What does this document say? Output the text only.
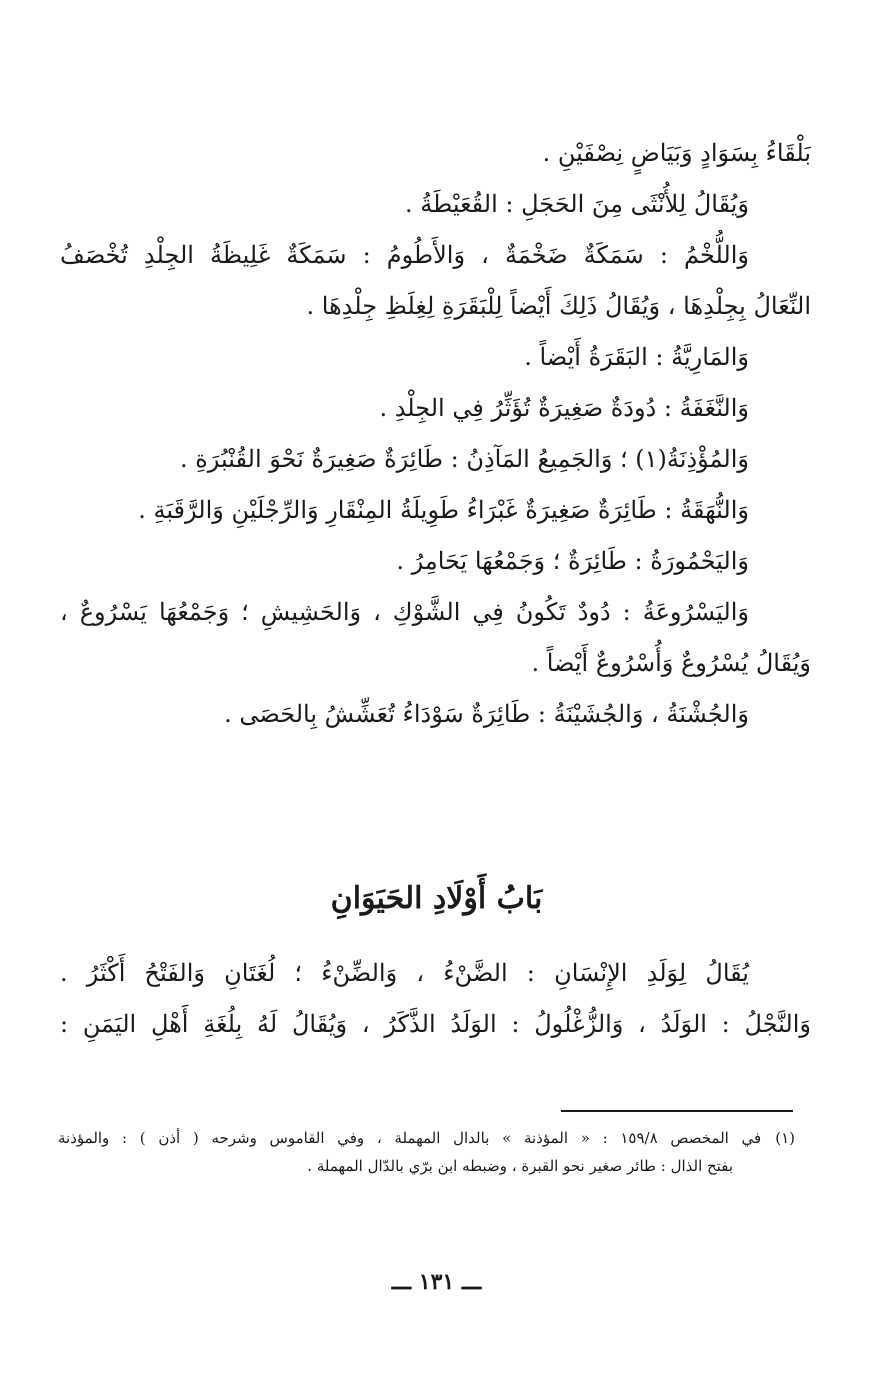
بَلْقَاءُ بِسَوَادٍ وَبَيَاضٍ نِصْفَيْنِ .
وَيُقَالُ لِلأُنْثَى مِنَ الحَجَلِ : القُعَيْطَةُ .
وَاللُّخْمُ : سَمَكَةٌ ضَخْمَةٌ ، وَالأَطُومُ : سَمَكَةٌ غَلِيظَةُ الجِلْدِ تُخْصَفُ
النِّعَالُ بِجِلْدِهَا ، وَيُقَالُ ذَلِكَ أَيْضاً لِلْبَقَرَةِ لِغِلَظِ جِلْدِهَا .
وَالمَارِيَّةُ : البَقَرَةُ أَيْضاً .
وَالنَّغَفَةُ : دُودَةٌ صَغِيرَةٌ تُؤَثِّرُ فِي الجِلْدِ .
وَالمُؤْذِنَةُ(١) ؛ وَالجَمِيعُ المَآذِنُ : طَائِرَةٌ صَغِيرَةٌ نَحْوَ القُنْبُرَةِ .
وَالنُّهَقَةُ : طَائِرَةٌ صَغِيرَةٌ غَبْرَاءُ طَوِيلَةُ المِنْقَارِ وَالرِّجْلَيْنِ وَالرَّقَبَةِ .
وَاليَحْمُورَةُ : طَائِرَةٌ ؛ وَجَمْعُهَا يَحَامِرُ .
وَاليَسْرُوعَةُ : دُودٌ تَكُونُ فِي الشَّوْكِ ، وَالحَشِيشِ ؛ وَجَمْعُهَا يَسْرُوعٌ ،
وَيُقَالُ يُسْرُوعٌ وَأُسْرُوعٌ أَيْضاً .
وَالجُشْنَةُ ، وَالجُشَيْنَةُ : طَائِرَةٌ سَوْدَاءُ تُعَشِّشُ بِالحَصَى .
بَابُ أَوْلَادِ الحَيَوَانِ
يُقَالُ لِوَلَدِ الإِنْسَانِ : الضَّنْءُ ، وَالضِّنْءُ ؛ لُغَتَانِ وَالفَتْحُ أَكْثَرُ .
وَالنَّجْلُ : الوَلَدُ ، وَالزُّغْلُولُ : الوَلَدُ الذَّكَرُ ، وَيُقَالُ لَهُ بِلُغَةِ أَهْلِ اليَمَنِ :
(١)في المخصص ١٥٩/٨ : « المؤذنة » بالدال المهملة ، وفي القاموس وشرحه ( أذن ) : والمؤذنة
بفتح الذال : طائر صغير نحو القبرة ، وضبطه ابن برّي بالدّال المهملة .
ـــ ١٣١ ـــ
